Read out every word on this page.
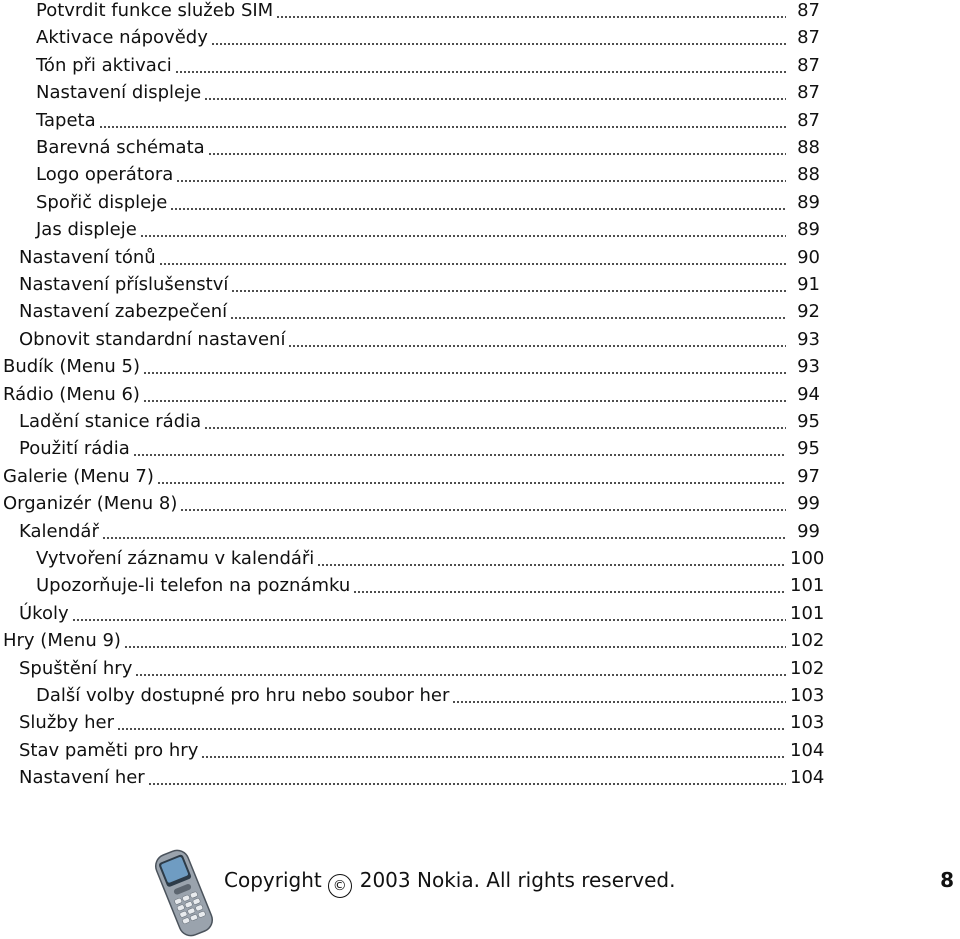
Potvrdit funkce služeb SIM	87
Aktivace nápovědy	87
Tón při aktivaci	87
Nastavení displeje	87
Tapeta	87
Barevná schémata	88
Logo operátora	88
Spořič displeje	89
Jas displeje	89
Nastavení tónů	90
Nastavení příslušenství	91
Nastavení zabezpečení	92
Obnovit standardní nastavení	93
Budík (Menu 5)	93
Rádio (Menu 6)	94
Ladění stanice rádia	95
Použití rádia	95
Galerie (Menu 7)	97
Organizér (Menu 8)	99
Kalendář	99
Vytvoření záznamu v kalendáři	100
Upozorňuje-li telefon na poznámku	101
Úkoly	101
Hry (Menu 9)	102
Spuštění hry	102
Další volby dostupné pro hru nebo soubor her	103
Služby her	103
Stav paměti pro hry	104
Nastavení her	104
Copyright © 2003 Nokia. All rights reserved.	8
